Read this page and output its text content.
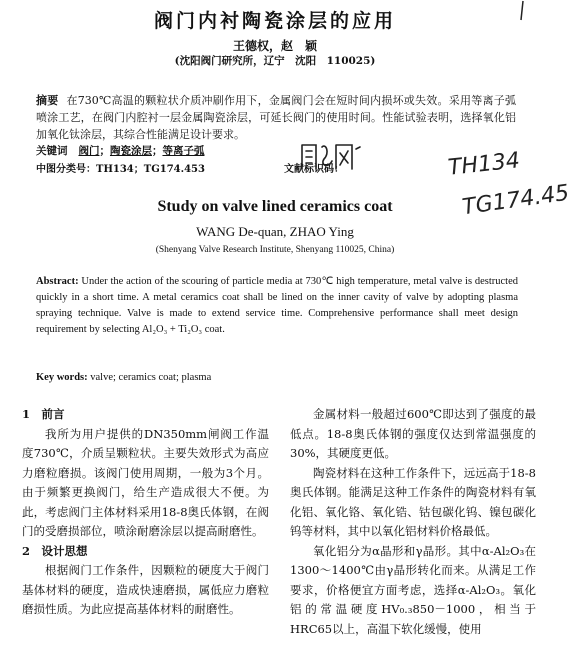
阀门内衬陶瓷涂层的应用
王德权，赵　颖
(沈阳阀门研究所，辽宁　沈阳　110025)
摘要 在730℃高温的颗粒状介质冲刷作用下，金属阀门会在短时间内损坏或失效。采用等离子弧喷涂工艺，在阀门内腔衬一层金属陶瓷涂层，可延长阀门的使用时间。性能试验表明，选择氧化铝加氧化钛涂层，其综合性能满足设计要求。
关键词 阀门；陶瓷涂层；等离子弧
中图分类号：TH134；TG174.453	文献标识码：
阀门
TH134
TG174.45
Study on valve lined ceramics coat
WANG De-quan, ZHAO Ying
(Shenyang Valve Research Institute, Shenyang 110025, China)
Abstract: Under the action of the scouring of particle media at 730℃ high temperature, metal valve is destructed quickly in a short time. A metal ceramics coat shall be lined on the inner cavity of valve by adopting plasma spraying technique. Valve is made to extend service time. Comprehensive performance shall meet design requirement by selecting Al₂O₃ + Ti₂O₃ coat.
Key words: valve; ceramics coat; plasma

1　前言

我所为用户提供的DN350mm闸阀工作温度730℃，介质呈颗粒状。主要失效形式为高应力磨粒磨损。该阀门使用周期，一般为3个月。由于频繁更换阀门，给生产造成很大不便。为此，考虑阀门主体材料采用18-8奥氏体钢，在阀门的受磨损部位，喷涂耐磨涂层以提高耐磨性。

2　设计思想

根据阀门工作条件，因颗粒的硬度大于阀门基体材料的硬度，造成快速磨损，属低应力磨粒磨损性质。为此应提高基体材料的耐磨性。

金属材料一般超过600℃即达到了强度的最低点。18-8奥氏体钢的强度仅达到常温强度的30%，其硬度更低。

陶瓷材料在这种工作条件下，远远高于18-8奥氏体钢。能满足这种工作条件的陶瓷材料有氧化铝、氧化铬、氧化锆、钴包碳化钨、镍包碳化钨等材料，其中以氧化铝材料价格最低。

氧化铝分为α晶形和γ晶形。其中α-Al₂O₃在1300～1400℃由γ晶形转化而来。从满足工作要求，价格便宜方面考虑，选择α-Al₂O₃。氧化铝的常温硬度HV₀.₃850－1000，相当于HRC65以上，高温下软化缓慢，使用
